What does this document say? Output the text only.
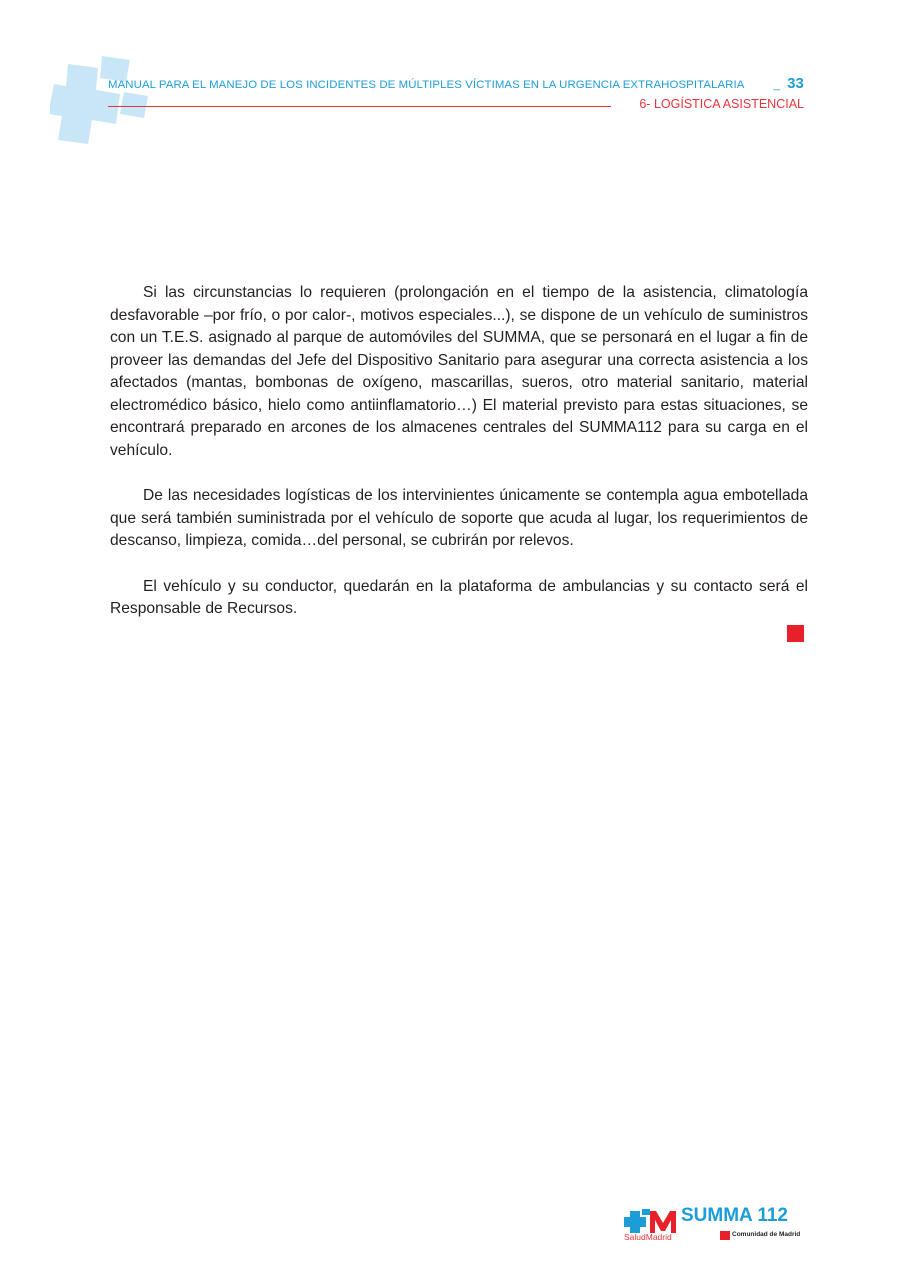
MANUAL PARA EL MANEJO DE LOS INCIDENTES DE MÚLTIPLES VÍCTIMAS EN LA URGENCIA EXTRAHOSPITALARIA	_ 33
6- LOGÍSTICA ASISTENCIAL

Si las circunstancias lo requieren (prolongación en el tiempo de la asistencia, climatología desfavorable –por frío, o por calor-, motivos especiales...), se dispone de un vehículo de suministros con un T.E.S. asignado al parque de automóviles del SUMMA, que se personará en el lugar a fin de proveer las demandas del Jefe del Dispositivo Sanitario para asegurar una correcta asistencia a los afectados (mantas, bombonas de oxígeno, mascarillas, sueros, otro material sanitario, material electromédico básico, hielo como antiinflamatorio…) El material previsto para estas situaciones, se encontrará preparado en arcones de los almacenes centrales del SUMMA112 para su carga en el vehículo.

De las necesidades logísticas de los intervinientes únicamente se contempla agua embotellada que será también suministrada por el vehículo de soporte que acuda al lugar, los requerimientos de descanso, limpieza, comida…del personal, se cubrirán por relevos.

El vehículo y su conductor, quedarán en la plataforma de ambulancias y su contacto será el Responsable de Recursos.

SaludMadrid
SUMMA 112
Comunidad de Madrid
